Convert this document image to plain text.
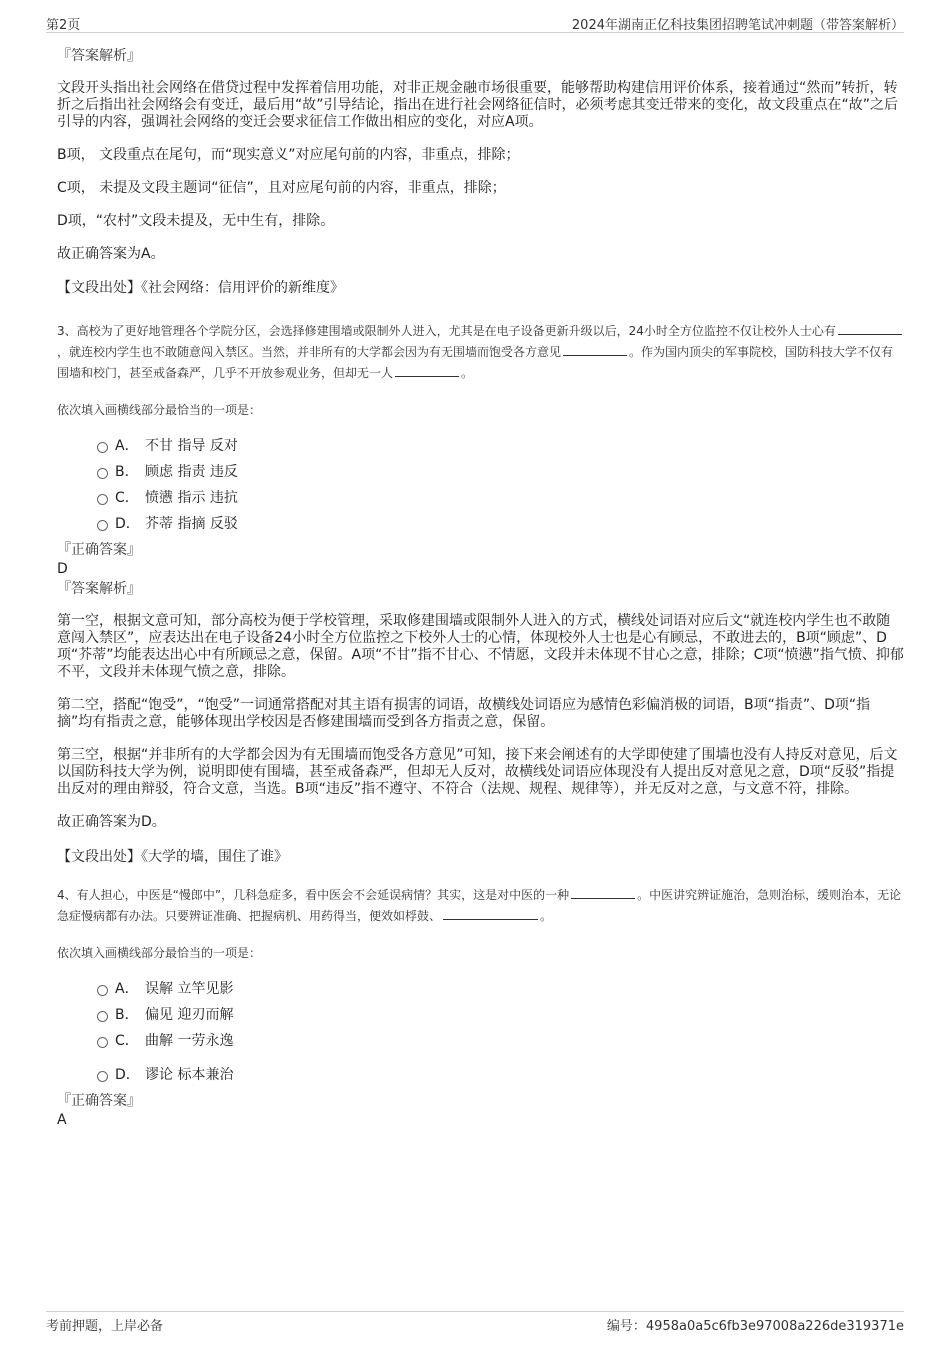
第2页	2024年湖南正亿科技集团招聘笔试冲刺题（带答案解析）

『答案解析』

文段开头指出社会网络在借贷过程中发挥着信用功能，对非正规金融市场很重要，能够帮助构建信用评价体系，接着通过“然而”转折，转折之后指出社会网络会有变迁，最后用“故”引导结论，指出在进行社会网络征信时，必须考虑其变迁带来的变化，故文段重点在“故”之后引导的内容，强调社会网络的变迁会要求征信工作做出相应的变化，对应A项。

B项， 文段重点在尾句，而“现实意义”对应尾句前的内容，非重点，排除；

C项， 未提及文段主题词“征信”，且对应尾句前的内容，非重点，排除；

D项，“农村”文段未提及，无中生有，排除。

故正确答案为A。

【文段出处】《社会网络：信用评价的新维度》

3、高校为了更好地管理各个学院分区，会选择修建围墙或限制外人进入，尤其是在电子设备更新升级以后，24小时全方位监控不仅让校外人士心有，就连校内学生也不敢随意闯入禁区。当然，并非所有的大学都会因为有无围墙而饱受各方意见	。作为国内顶尖的军事院校，国防科技大学不仅有围墙和校门，甚至戒备森严，几乎不开放参观业务，但却无一人	。

依次填入画横线部分最恰当的一项是：

A． 不甘 指导 反对
B． 顾虑 指责 违反
C． 愤懑 指示 违抗
D． 芥蒂 指摘 反驳

『正确答案』

D

『答案解析』

第一空，根据文意可知，部分高校为便于学校管理，采取修建围墙或限制外人进入的方式，横线处词语对应后文“就连校内学生也不敢随意闯入禁区”，应表达出在电子设备24小时全方位监控之下校外人士的心情，体现校外人士也是心有顾忌，不敢进去的，B项“顾虑”、D项“芥蒂”均能表达出心中有所顾忌之意，保留。A项“不甘”指不甘心、不情愿，文段并未体现不甘心之意，排除；C项“愤懑”指气愤、抑郁不平，文段并未体现气愤之意，排除。

第二空，搭配“饱受”，“饱受”一词通常搭配对其主语有损害的词语，故横线处词语应为感情色彩偏消极的词语，B项“指责”、D项“指摘”均有指责之意，能够体现出学校因是否修建围墙而受到各方指责之意，保留。

第三空，根据“并非所有的大学都会因为有无围墙而饱受各方意见”可知，接下来会阐述有的大学即使建了围墙也没有人持反对意见，后文以国防科技大学为例，说明即使有围墙，甚至戒备森严，但却无人反对，故横线处词语应体现没有人提出反对意见之意，D项“反驳”指提出反对的理由辩驳，符合文意，当选。B项“违反”指不遵守、不符合（法规、规程、规律等），并无反对之意，与文意不符，排除。

故正确答案为D。

【文段出处】《大学的墙，围住了谁》

4、有人担心，中医是“慢郎中”，几科急症多，看中医会不会延误病情？其实，这是对中医的一种	。中医讲究辨证施治，急则治标，缓则治本，无论急症慢病都有办法。只要辨证准确、把握病机、用药得当，便效如桴鼓、	。

依次填入画横线部分最恰当的一项是：

A． 误解 立竿见影
B． 偏见 迎刃而解
C． 曲解 一劳永逸
D． 谬论 标本兼治

『正确答案』

A

考前押题，上岸必备	编号：4958a0a5c6fb3e97008a226de319371e
